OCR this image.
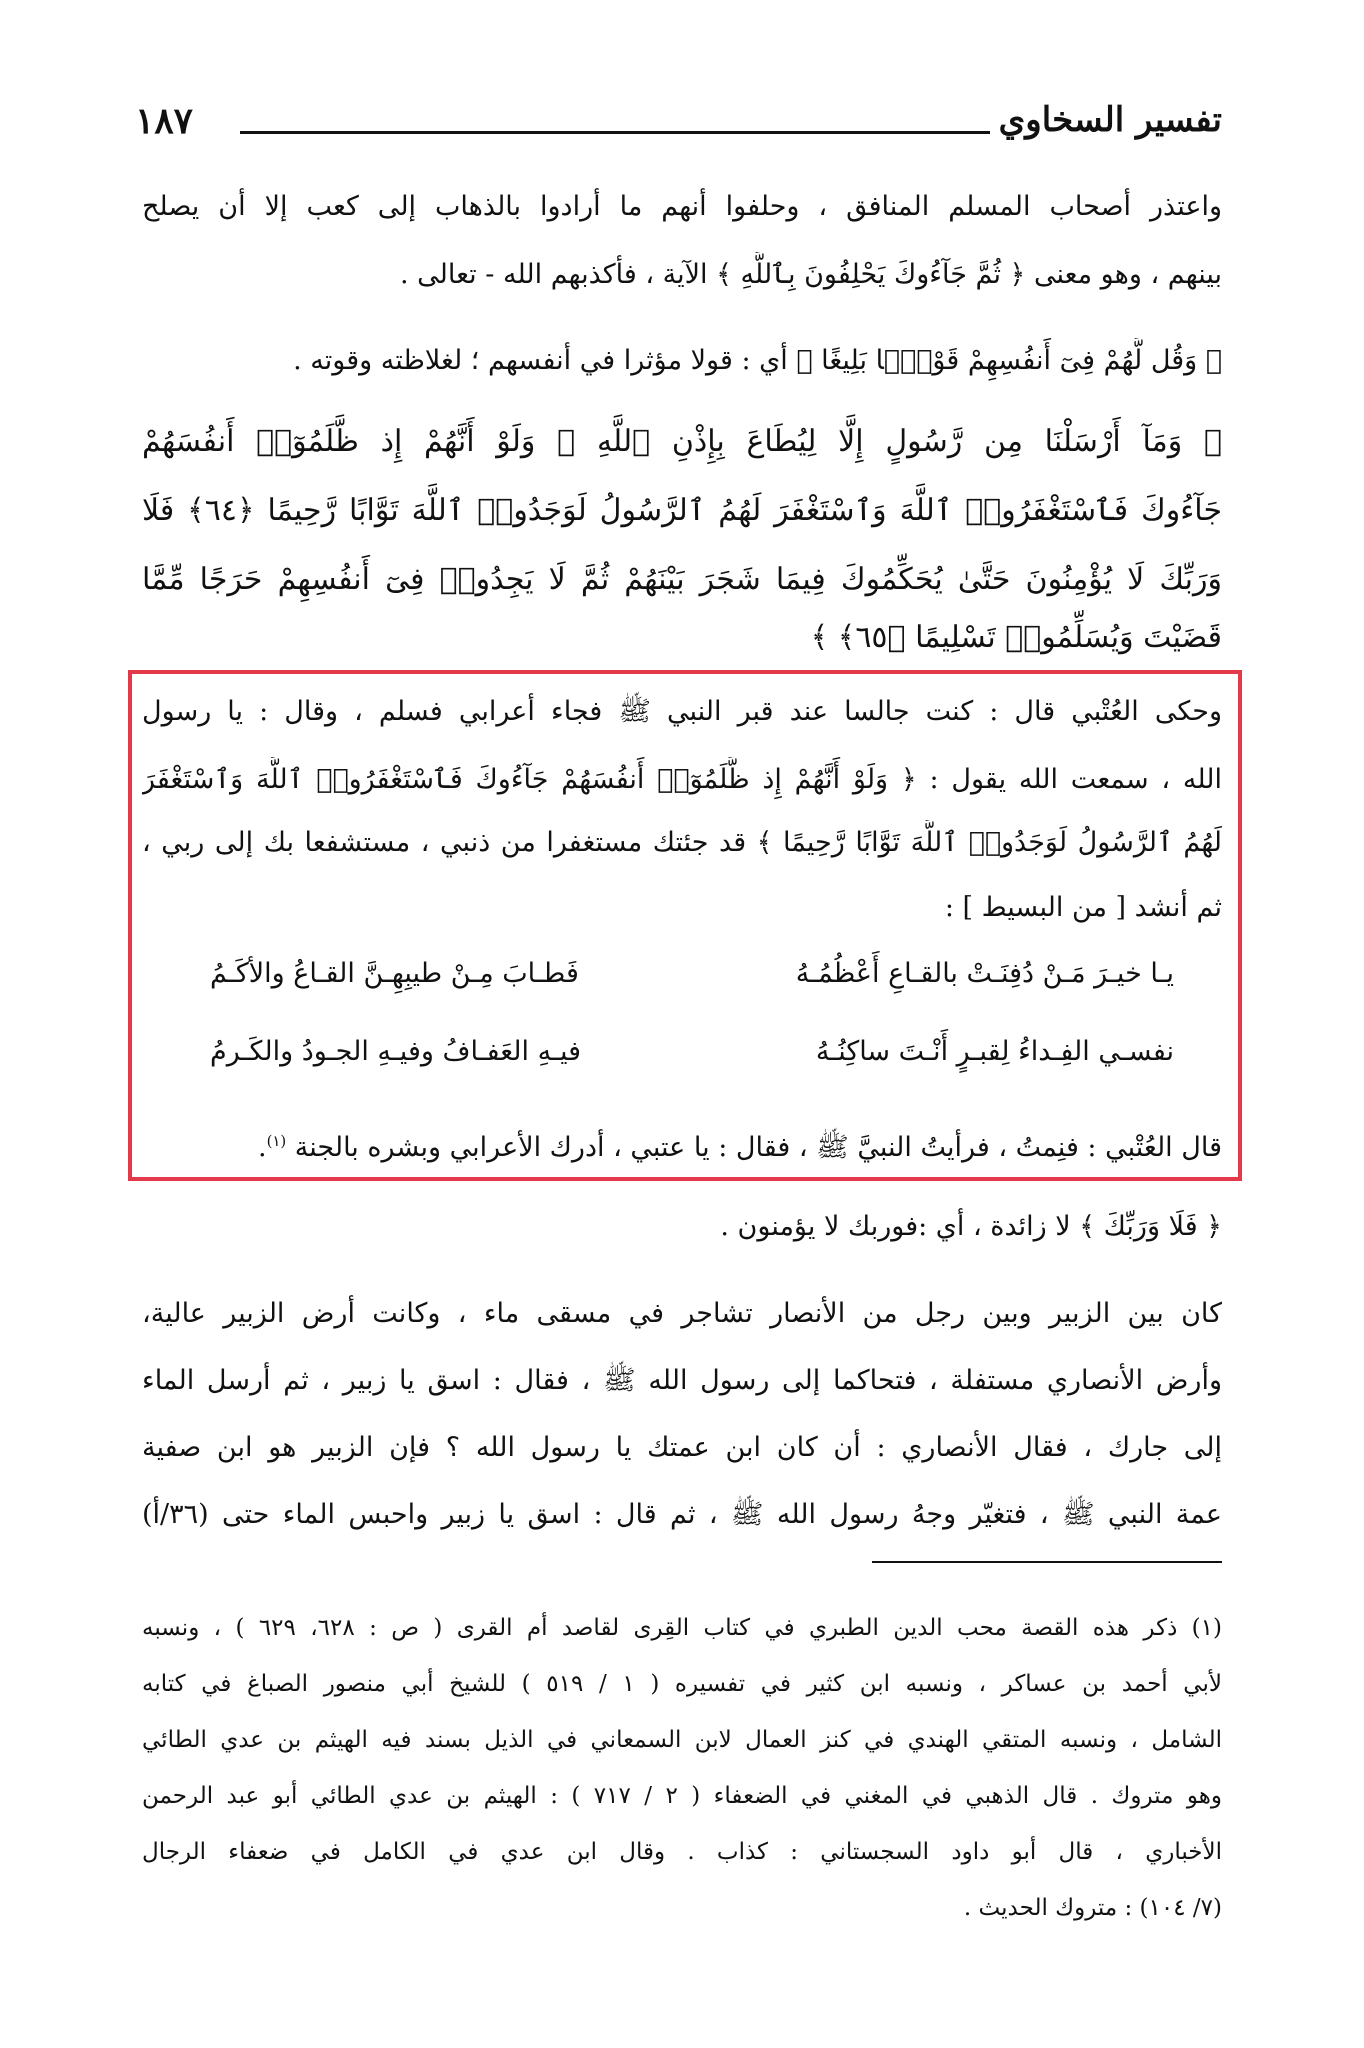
تفسير السخاوي
١٨٧
واعتذر أصحاب المسلم المنافق ، وحلفوا أنهم ما أرادوا بالذهاب إلى كعب إلا أن يصلح
بينهم ، وهو معنى ﴿ ثُمَّ جَآءُوكَ يَحْلِفُونَ بِٱللَّهِ ﴾ الآية ، فأكذبهم الله - تعالى .
﴿ وَقُل لَّهُمْ فِىٓ أَنفُسِهِمْ قَوْلًۢا بَلِيغًا ﴾ أي : قولا مؤثرا في أنفسهم ؛ لغلاظته وقوته .
﴿ وَمَآ أَرْسَلْنَا مِن رَّسُولٍ إِلَّا لِيُطَاعَ بِإِذْنِ ٱللَّهِ ۚ وَلَوْ أَنَّهُمْ إِذ ظَّلَمُوٓا۟ أَنفُسَهُمْ
جَآءُوكَ فَٱسْتَغْفَرُوا۟ ٱللَّهَ وَٱسْتَغْفَرَ لَهُمُ ٱلرَّسُولُ لَوَجَدُوا۟ ٱللَّهَ تَوَّابًا رَّحِيمًا ﴿٦٤﴾ فَلَا
وَرَبِّكَ لَا يُؤْمِنُونَ حَتَّىٰ يُحَكِّمُوكَ فِيمَا شَجَرَ بَيْنَهُمْ ثُمَّ لَا يَجِدُوا۟ فِىٓ أَنفُسِهِمْ حَرَجًا مِّمَّا
قَضَيْتَ وَيُسَلِّمُوا۟ تَسْلِيمًا ﴿٦٥﴾ ﴾
وحكى العُتْبي قال : كنت جالسا عند قبر النبي ﷺ فجاء أعرابي فسلم ، وقال : يا رسول
الله ، سمعت الله يقول : ﴿ وَلَوْ أَنَّهُمْ إِذ ظَّلَمُوٓا۟ أَنفُسَهُمْ جَآءُوكَ فَٱسْتَغْفَرُوا۟ ٱللَّهَ وَٱسْتَغْفَرَ
لَهُمُ ٱلرَّسُولُ لَوَجَدُوا۟ ٱللَّهَ تَوَّابًا رَّحِيمًا ﴾ قد جئتك مستغفرا من ذنبي ، مستشفعا بك إلى ربي ،
ثم أنشد [ من البسيط ] :
يـا خيـرَ مَـنْ دُفِنَـتْ بالقـاعِ أَعْظُمُـهُ
فَطـابَ مِـنْ طيبِهِـنَّ القـاعُ والأكَـمُ
نفسـي الفِـداءُ لِقبـرٍ أَنْـتَ ساكِنُـهُ
فيـهِ العَفـافُ وفيـهِ الجـودُ والكَـرمُ
قال العُتْبي : فنِمتُ ، فرأيتُ النبيَّ ﷺ ، فقال : يا عتبي ، أدرك الأعرابي وبشره بالجنة $^{(١)}$.
﴿ فَلَا وَرَبِّكَ ﴾ لا زائدة ، أي :فوربك لا يؤمنون .
كان بين الزبير وبين رجل من الأنصار تشاجر في مسقى ماء ، وكانت أرض الزبير عالية،
وأرض الأنصاري مستفلة ، فتحاكما إلى رسول الله ﷺ ، فقال : اسق يا زبير ، ثم أرسل الماء
إلى جارك ، فقال الأنصاري : أن كان ابن عمتك يا رسول الله ؟ فإن الزبير هو ابن صفية
عمة النبي ﷺ ، فتغيّر وجهُ رسول الله ﷺ ، ثم قال : اسق يا زبير واحبس الماء حتى (٣٦/أ)
(١) ذكر هذه القصة محب الدين الطبري في كتاب القِرى لقاصد أم القرى ( ص : ٦٢٨، ٦٢٩ ) ، ونسبه
لأبي أحمد بن عساكر ، ونسبه ابن كثير في تفسيره ( ١ / ٥١٩ ) للشيخ أبي منصور الصباغ في كتابه
الشامل ، ونسبه المتقي الهندي في كنز العمال لابن السمعاني في الذيل بسند فيه الهيثم بن عدي الطائي
وهو متروك . قال الذهبي في المغني في الضعفاء ( ٢ / ٧١٧ ) : الهيثم بن عدي الطائي أبو عبد الرحمن
الأخباري ، قال أبو داود السجستاني : كذاب . وقال ابن عدي في الكامل في ضعفاء الرجال
(٧/ ١٠٤) : متروك الحديث .
